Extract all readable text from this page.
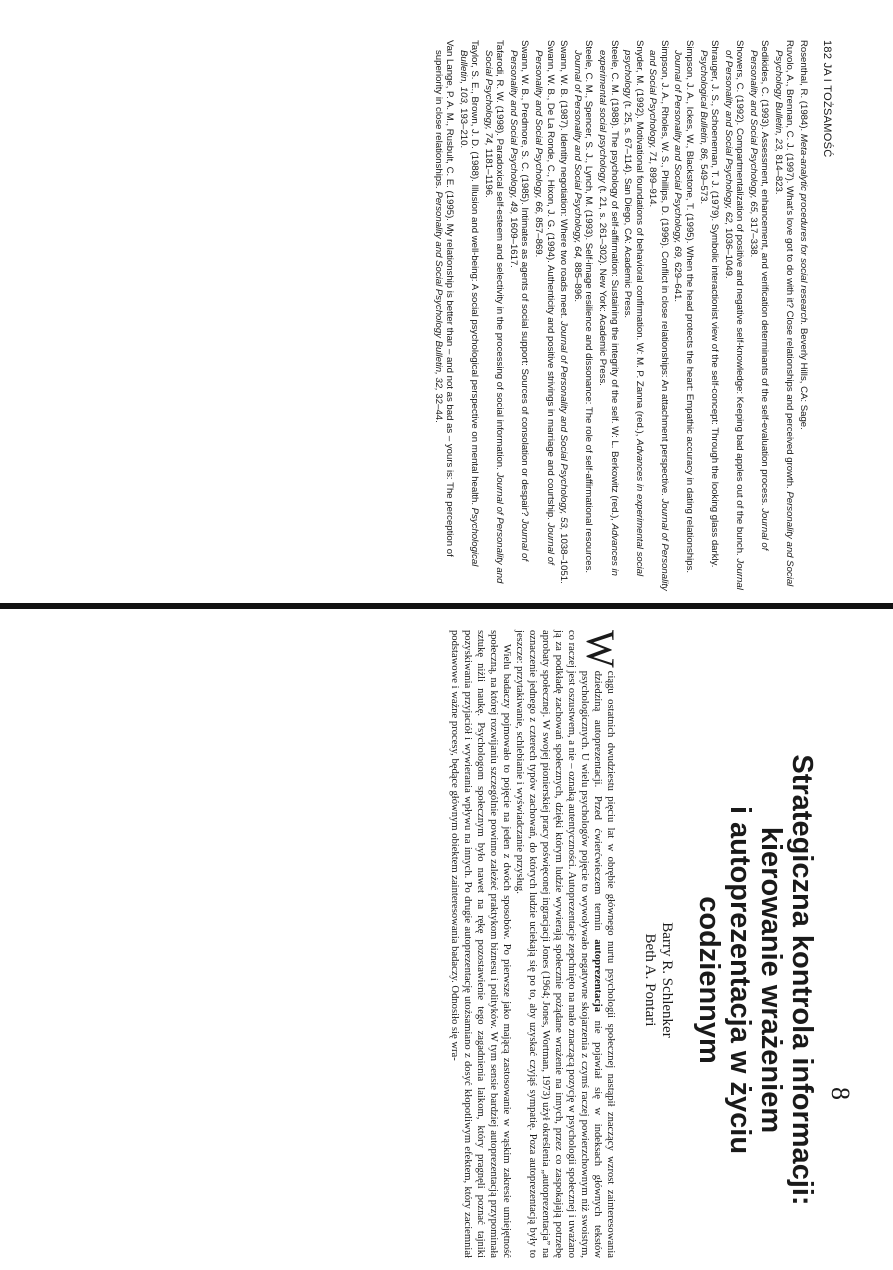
182 JA I TOŻSAMOŚĆ

Rosenthal, R. (1984). Meta-analytic procedures for social research. Beverly Hills, CA: Sage.

Ruvolo, A., Brennan, C. J. (1997). What's love got to do with it? Close relationships and perceived growth. Personality and Social Psychology Bulletin, 23, 814–823.

Sedikides, C. (1993). Assessment, enhancement, and verification determinants of the self-evaluation process. Journal of Personality and Social Psychology, 65, 317–338.

Showers, C. (1992). Compartmentalization of positive and negative self-knowledge: Keeping bad apples out of the bunch. Journal of Personality and Social Psychology, 62, 1036–1049.

Shrauger, J. S., Schoeneman, T. J. (1979). Symbolic interactionist view of the self-concept: Through the looking glass darkly. Psychological Bulletin, 86, 549–573.

Simpson, J. A., Ickes, W., Blackstone, T. (1995). When the head protects the heart: Empathic accuracy in dating relationships. Journal of Personality and Social Psychology, 69, 629–641.

Simpson, J. A., Rholes, W. S., Phillips, D. (1996). Conflict in close relationships: An attachment perspective. Journal of Personality and Social Psychology, 71, 899–914.

Snyder, M. (1992). Motivational foundations of behavioral confirmation. W: M. P. Zanna (red.), Advances in experimental social psychology (t. 25, s. 67–114). San Diego, CA: Academic Press.

Steele, C. M. (1988). The psychology of self-affirmation: Sustaining the integrity of the self. W: L. Berkowitz (red.), Advances in experimental social psychology (t. 21, s. 261–302). New York: Academic Press.

Steele, C. M., Spencer, S. J., Lynch, M. (1993). Self-image resilience and dissonance: The role of self-affirmational resources. Journal of Personality and Social Psychology, 64, 885–896.

Swann, W. B. (1987). Identity negotiation: Where two roads meet. Journal of Personality and Social Psychology, 53, 1038–1051.

Swann, W. B., De La Ronde, C., Hixon, J. G. (1994). Authenticity and positive strivings in marriage and courtship. Journal of Personality and Social Psychology, 66, 857–869.

Swann, W. B., Predmore, S. C. (1985). Intimates as agents of social support: Sources of consolation or despair? Journal of Personality and Social Psychology, 49, 1609–1617.

Tafarodi, R. W. (1998). Paradoxical self-esteem and selectivity in the processing of social information. Journal of Personality and Social Psychology, 74, 1181–1196.

Taylor, S. E., Brown, J. D. (1988). Illusion and well-being: A social psychological perspective on mental health. Psychological Bulletin, 103, 193–210.

Van Lange, P. A. M., Rusbult, C. E. (1995). My relationship is better than – and not as bad as – yours is: The perception of superiority in close relationships. Personality and Social Psychology Bulletin, 32, 32–44.

8
Strategiczna kontrola informacji:
kierowanie wrażeniem
i autoprezentacja w życiu
codziennym
Barry R. Schlenker
Beth A. Pontari

W
ciągu ostatnich dwudziestu pięciu lat w obrębie głównego nurtu psychologii społecznej nastąpił znaczący wzrost zainteresowania dziedziną autoprezentacji. Przed ćwierćwieczem termin autoprezentacja nie pojawiał się w indeksach głównych tekstów psychologicznych. U wielu psychologów pojęcie to wywoływało negatywne skojarzenia z czymś raczej powierzchownym niż swoistym, co raczej jest oszustwem, a nie – oznaką autentyczności. Autoprezentacje zepchnięto na mało znaczącą pozycję w psychologii społecznej i uważano ją za podkładę zachowań społecznych, dzięki którym ludzie wywierają społecznie pożądane wrażenie na innych, przez co zaspokajają potrzebę aprobaty społecznej. W swojej pionierskiej pracy poświęconej ingracjacji Jones (1964; Jones, Wortman, 1973) użył określenia „autoprezentacja” na oznaczenie jednego z czterech typów zachowań, do których ludzie uciekają się po to, aby uzyskać czyjąś sympatię. Poza autoprezentacją były to jeszcze: przytakiwanie, schlebianie i wyświadczanie przysług.

Wielu badaczy pojmowało to pojęcie na jeden z dwóch sposobów. Po pierwsze jako mającą zastosowanie w wąskim zakresie umiejętność społeczną, na której rozwijaniu szczególnie powinno zależeć praktykom biznesu i polityków. W tym sensie bardziej autoprezentacją przypominała sztukę niżli naukę. Psychologom społecznym było nawet na rękę pozostawienie tego zagadnienia laikom, który pragnęli poznać tajniki pozyskiwania przyjaciół i wywierania wpływu na innych. Po drugie autoprezentację utożsamiano z dosyć kłopotliwym efektem, który zaciemniał podstawowe i ważne procesy, będące głównym obiektem zainteresowania badaczy. Odnosiło się wra-
